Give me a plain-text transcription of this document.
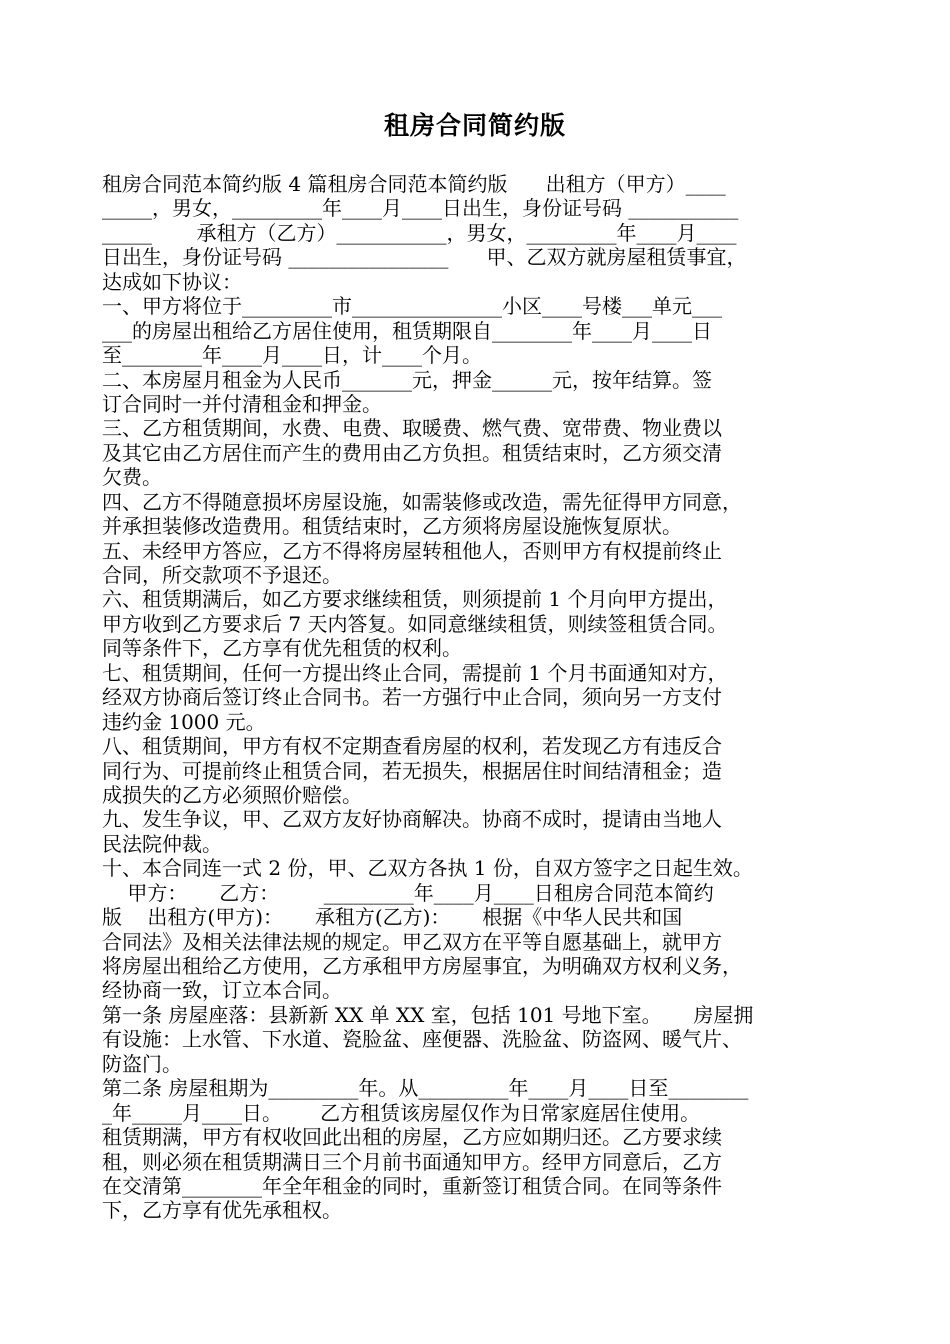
租房合同简约版
租房合同范本简约版 4 篇租房合同范本简约版      出租方（甲方）____
_____，男女，_________年____月____日出生，身份证号码 ___________
_____       承租方（乙方）___________，男女，_________年____月____
日出生，身份证号码 ________________      甲、乙双方就房屋租赁事宜，
达成如下协议：
一、甲方将位于_________市_______________小区____号楼___单元___
___的房屋出租给乙方居住使用，租赁期限自________年____月____日
至________年____月____日，计____个月。
二、本房屋月租金为人民币_______元，押金______元，按年结算。签
订合同时一并付清租金和押金。
三、乙方租赁期间，水费、电费、取暖费、燃气费、宽带费、物业费以
及其它由乙方居住而产生的费用由乙方负担。租赁结束时，乙方须交清
欠费。
四、乙方不得随意损坏房屋设施，如需装修或改造，需先征得甲方同意，
并承担装修改造费用。租赁结束时，乙方须将房屋设施恢复原状。
五、未经甲方答应，乙方不得将房屋转租他人，否则甲方有权提前终止
合同，所交款项不予退还。
六、租赁期满后，如乙方要求继续租赁，则须提前 1 个月向甲方提出，
甲方收到乙方要求后 7 天内答复。如同意继续租赁，则续签租赁合同。
同等条件下，乙方享有优先租赁的权利。
七、租赁期间，任何一方提出终止合同，需提前 1 个月书面通知对方，
经双方协商后签订终止合同书。若一方强行中止合同，须向另一方支付
违约金 1000 元。
八、租赁期间，甲方有权不定期查看房屋的权利，若发现乙方有违反合
同行为、可提前终止租赁合同，若无损失，根据居住时间结清租金；造
成损失的乙方必须照价赔偿。
九、发生争议，甲、乙双方友好协商解决。协商不成时，提请由当地人
民法院仲裁。
十、本合同连一式 2 份，甲、乙双方各执 1 份，自双方签字之日起生效。
甲方：     乙方：       _________年____月____日租房合同范本简约
版    出租方(甲方)：     承租方(乙方)：     根据《中华人民共和国
合同法》及相关法律法规的规定。甲乙双方在平等自愿基础上，就甲方
将房屋出租给乙方使用，乙方承租甲方房屋事宜，为明确双方权利义务，
经协商一致，订立本合同。
第一条 房屋座落：县新新 XX 单 XX 室，包括 101 号地下室。     房屋拥
有设施：上水管、下水道、瓷脸盆、座便器、洗脸盆、防盗网、暖气片、
防盗门。
第二条 房屋租期为_________年。从_________年____月____日至________
_年_____月____日。      乙方租赁该房屋仅作为日常家庭居住使用。
租赁期满，甲方有权收回此出租的房屋，乙方应如期归还。乙方要求续
租，则必须在租赁期满日三个月前书面通知甲方。经甲方同意后，乙方
在交清第________年全年租金的同时，重新签订租赁合同。在同等条件
下，乙方享有优先承租权。
